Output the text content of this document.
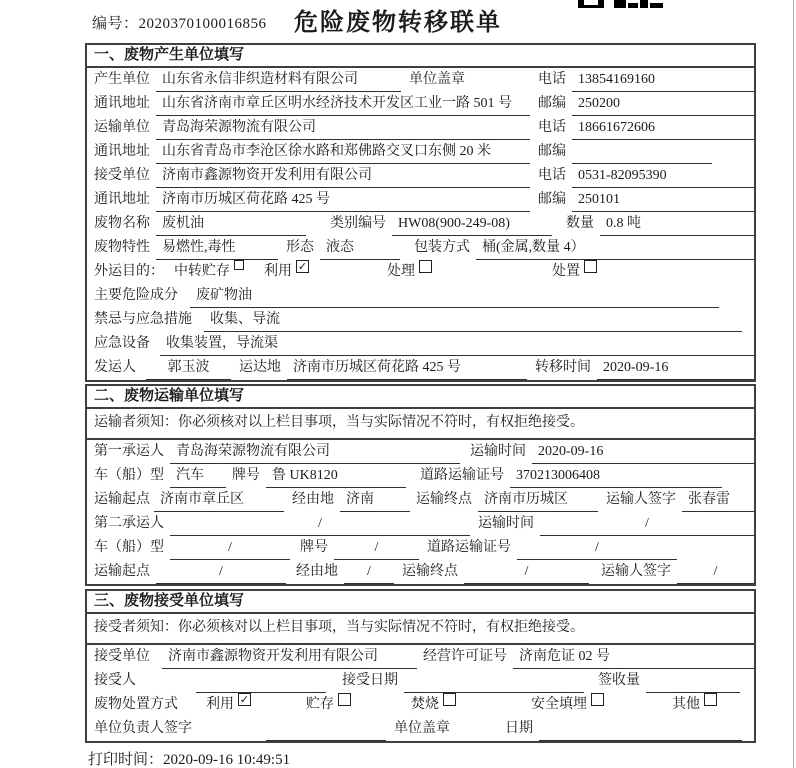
编号：2020370100016856	危险废物转移联单
一、废物产生单位填写
产生单位 山东省永信非织造材料有限公司	单位盖章	电话 13854169160
通讯地址 山东省济南市章丘区明水经济技术开发区工业一路 501 号	邮编 250200
运输单位 青岛海荣源物流有限公司	电话 18661672606
通讯地址 山东省青岛市李沧区徐水路和郑佛路交叉口东侧 20 米	邮编
接受单位 济南市鑫源物资开发利用有限公司	电话 0531-82095390
通讯地址 济南市历城区荷花路 425 号	邮编 250101
废物名称 废机油	类别编号 HW08(900-249-08)	数量 0.8 吨
废物特性 易燃性,毒性	形态 液态	包装方式 桶(金属,数量 4）
外运目的： 中转贮存 利用 ✓	处理	处置
主要危险成分	废矿物油
禁忌与应急措施	收集、导流
应急设备	收集装置，导流渠
发运人	郭玉波	运达地 济南市历城区荷花路 425 号	转移时间 2020-09-16
二、废物运输单位填写
运输者须知：你必须核对以上栏目事项，当与实际情况不符时，有权拒绝接受。
第一承运人 青岛海荣源物流有限公司	运输时间 2020-09-16
车（船）型 汽车	牌号 鲁 UK8120	道路运输证号 370213006408
运输起点 济南市章丘区	经由地 济南	运输终点 济南市历城区	运输人签字 张春雷
第二承运人	/	运输时间	/
车（船）型	/	牌号	/	道路运输证号	/
运输起点	/	经由地	/	运输终点	/	运输人签字	/
三、废物接受单位填写
接受者须知：你必须核对以上栏目事项，当与实际情况不符时，有权拒绝接受。
接受单位	济南市鑫源物资开发利用有限公司	经营许可证号 济南危证 02 号
接受人	接受日期	签收量
废物处置方式 利用 ✓	贮存	焚烧	安全填埋	其他
单位负责人签字	单位盖章	日期
打印时间：2020-09-16 10:49:51
